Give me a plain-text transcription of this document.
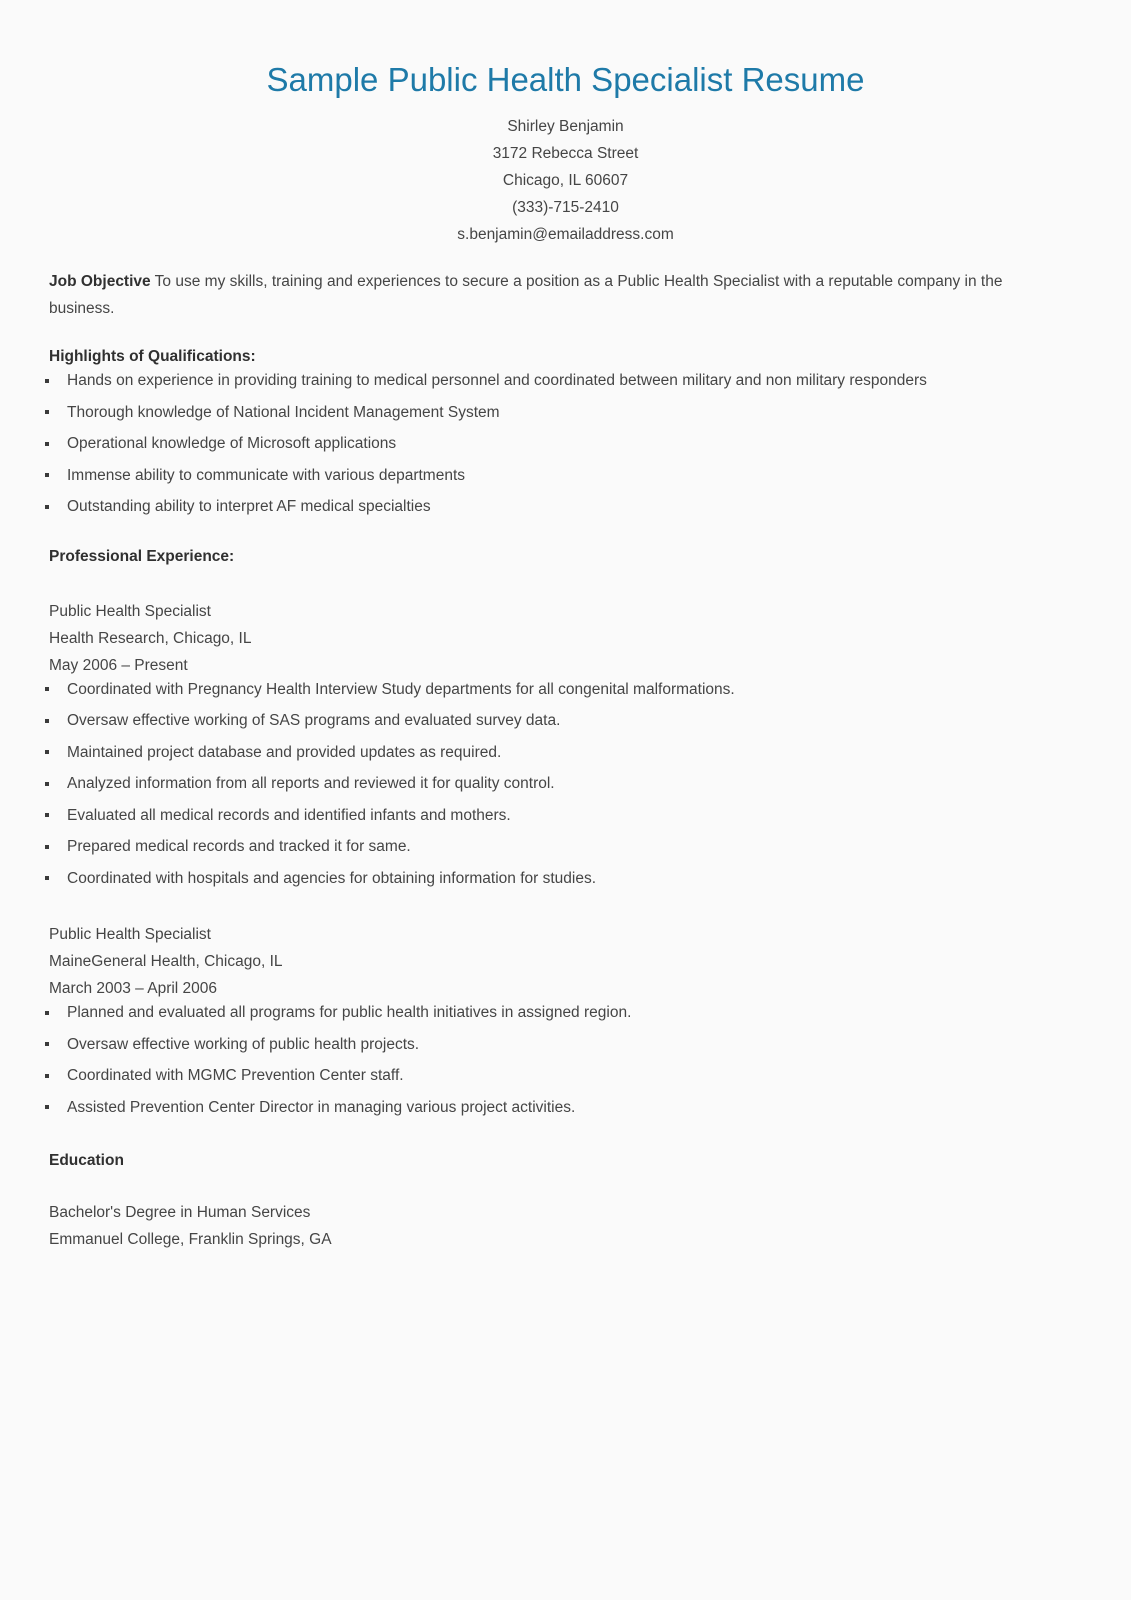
Sample Public Health Specialist Resume
Shirley Benjamin
3172 Rebecca Street
Chicago, IL 60607
(333)-715-2410
s.benjamin@emailaddress.com

Job Objective To use my skills, training and experiences to secure a position as a Public Health Specialist with a reputable company in the business.

Highlights of Qualifications:
Hands on experience in providing training to medical personnel and coordinated between military and non military responders
Thorough knowledge of National Incident Management System
Operational knowledge of Microsoft applications
Immense ability to communicate with various departments
Outstanding ability to interpret AF medical specialties
Professional Experience:
Public Health Specialist
Health Research, Chicago, IL
May 2006 – Present
Coordinated with Pregnancy Health Interview Study departments for all congenital malformations.
Oversaw effective working of SAS programs and evaluated survey data.
Maintained project database and provided updates as required.
Analyzed information from all reports and reviewed it for quality control.
Evaluated all medical records and identified infants and mothers.
Prepared medical records and tracked it for same.
Coordinated with hospitals and agencies for obtaining information for studies.
Public Health Specialist
MaineGeneral Health, Chicago, IL
March 2003 – April 2006
Planned and evaluated all programs for public health initiatives in assigned region.
Oversaw effective working of public health projects.
Coordinated with MGMC Prevention Center staff.
Assisted Prevention Center Director in managing various project activities.
Education
Bachelor's Degree in Human Services
Emmanuel College, Franklin Springs, GA
